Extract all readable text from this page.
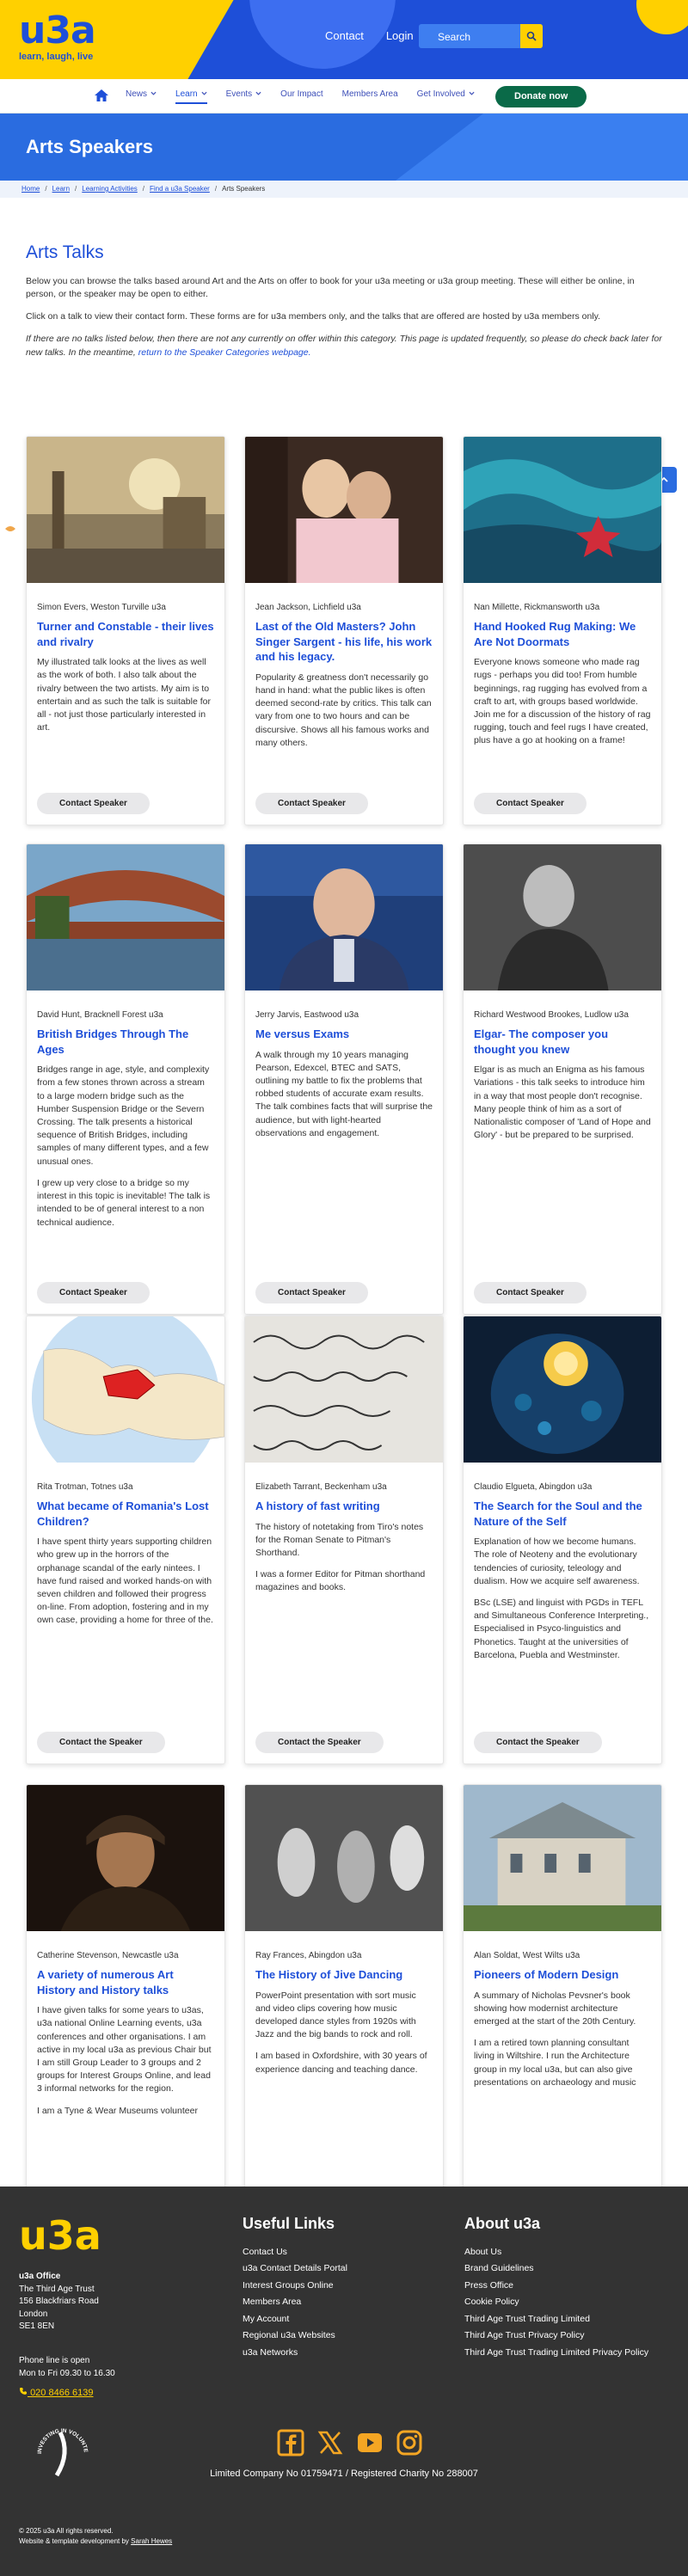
u3a
learn, laugh, live
Contact Login Search
News	Learn	Events	Our Impact Members Area Get Involved	Donate now
Arts Speakers
Home / Learn / Learning Activities / Find a u3a Speaker / Arts Speakers
Arts Talks

Below you can browse the talks based around Art and the Arts on offer to book for your u3a meeting or u3a group meeting. These will either be online, in person, or the speaker may be open to either.

Click on a talk to view their contact form. These forms are for u3a members only, and the talks that are offered are hosted by u3a members only.

If there are no talks listed below, then there are not any currently on offer within this category. This page is updated frequently, so please do check back later for new talks. In the meantime, return to the Speaker Categories webpage.

Simon Evers, Weston Turville u3a
Turner and Constable - their lives and rivalry

My illustrated talk looks at the lives as well as the work of both. I also talk about the rivalry between the two artists. My aim is to entertain and as such the talk is suitable for all - not just those particularly interested in art.

Contact Speaker
Jean Jackson, Lichfield u3a
Last of the Old Masters? John Singer Sargent - his life, his work and his legacy.

Popularity & greatness don't necessarily go hand in hand: what the public likes is often deemed second-rate by critics. This talk can vary from one to two hours and can be discursive. Shows all his famous works and many others.

Contact Speaker
Nan Millette, Rickmansworth u3a
Hand Hooked Rug Making: We Are Not Doormats

Everyone knows someone who made rag rugs - perhaps you did too! From humble beginnings, rag rugging has evolved from a craft to art, with groups based worldwide. Join me for a discussion of the history of rag rugging, touch and feel rugs I have created, plus have a go at hooking on a frame!

Contact Speaker
David Hunt, Bracknell Forest u3a
British Bridges Through The Ages

Bridges range in age, style, and complexity from a few stones thrown across a stream to a large modern bridge such as the Humber Suspension Bridge or the Severn Crossing. The talk presents a historical sequence of British Bridges, including samples of many different types, and a few unusual ones.

I grew up very close to a bridge so my interest in this topic is inevitable! The talk is intended to be of general interest to a non technical audience.

Contact Speaker
Jerry Jarvis, Eastwood u3a
Me versus Exams

A walk through my 10 years managing Pearson, Edexcel, BTEC and SATS, outlining my battle to fix the problems that robbed students of accurate exam results. The talk combines facts that will surprise the audience, but with light-hearted observations and engagement.

Contact Speaker
Richard Westwood Brookes, Ludlow u3a
Elgar- The composer you thought you knew

Elgar is as much an Enigma as his famous Variations - this talk seeks to introduce him in a way that most people don't recognise. Many people think of him as a sort of Nationalistic composer of 'Land of Hope and Glory' - but be prepared to be surprised.

Contact Speaker
Rita Trotman, Totnes u3a
What became of Romania's Lost Children?

I have spent thirty years supporting children who grew up in the horrors of the orphanage scandal of the early nintees. I have fund raised and worked hands-on with seven children and followed their progress on-line. From adoption, fostering and in my own case, providing a home for three of the.

Contact the Speaker
Elizabeth Tarrant, Beckenham u3a
A history of fast writing

The history of notetaking from Tiro's notes for the Roman Senate to Pitman's Shorthand.

I was a former Editor for Pitman shorthand magazines and books.

Contact the Speaker
Claudio Elgueta, Abingdon u3a
The Search for the Soul and the Nature of the Self

Explanation of how we become humans. The role of Neoteny and the evolutionary tendencies of curiosity, teleology and dualism. How we acquire self awareness.

BSc (LSE) and linguist with PGDs in TEFL and Simultaneous Conference Interpreting., Especialised in Psyco-linguistics and Phonetics. Taught at the universities of Barcelona, Puebla and Westminster.

Contact the Speaker
Catherine Stevenson, Newcastle u3a
A variety of numerous Art History and History talks

I have given talks for some years to u3as, u3a national Online Learning events, u3a conferences and other organisations. I am active in my local u3a as previous Chair but I am still Group Leader to 3 groups and 2 groups for Interest Groups Online, and lead 3 informal networks for the region.

I am a Tyne & Wear Museums volunteer

Ray Frances, Abingdon u3a
The History of Jive Dancing

PowerPoint presentation with sort music and video clips covering how music developed dance styles from 1920s with Jazz and the big bands to rock and roll.

I am based in Oxfordshire, with 30 years of experience dancing and teaching dance.

Alan Soldat, West Wilts u3a
Pioneers of Modern Design

A summary of Nicholas Pevsner's book showing how modernist architecture emerged at the start of the 20th Century.

I am a retired town planning consultant living in Wiltshire. I run the Architecture group in my local u3a, but can also give presentations on archaeology and music

u3a
u3a Office
The Third Age Trust
156 Blackfriars Road
London
SE1 8EN
Phone line is open
Mon to Fri 09.30 to 16.30
020 8466 6139
Useful Links
Contact Us
u3a Contact Details Portal
Interest Groups Online
Members Area
My Account
Regional u3a Websites
u3a Networks
About u3a
About Us
Brand Guidelines
Press Office
Cookie Policy
Third Age Trust Trading Limited
Third Age Trust Privacy Policy
Third Age Trust Trading Limited Privacy Policy
INVESTING IN VOLUNTE
Limited Company No 01759471 / Registered Charity No 288007
© 2025 u3a All rights reserved.
Website & template development by Sarah Hewes
